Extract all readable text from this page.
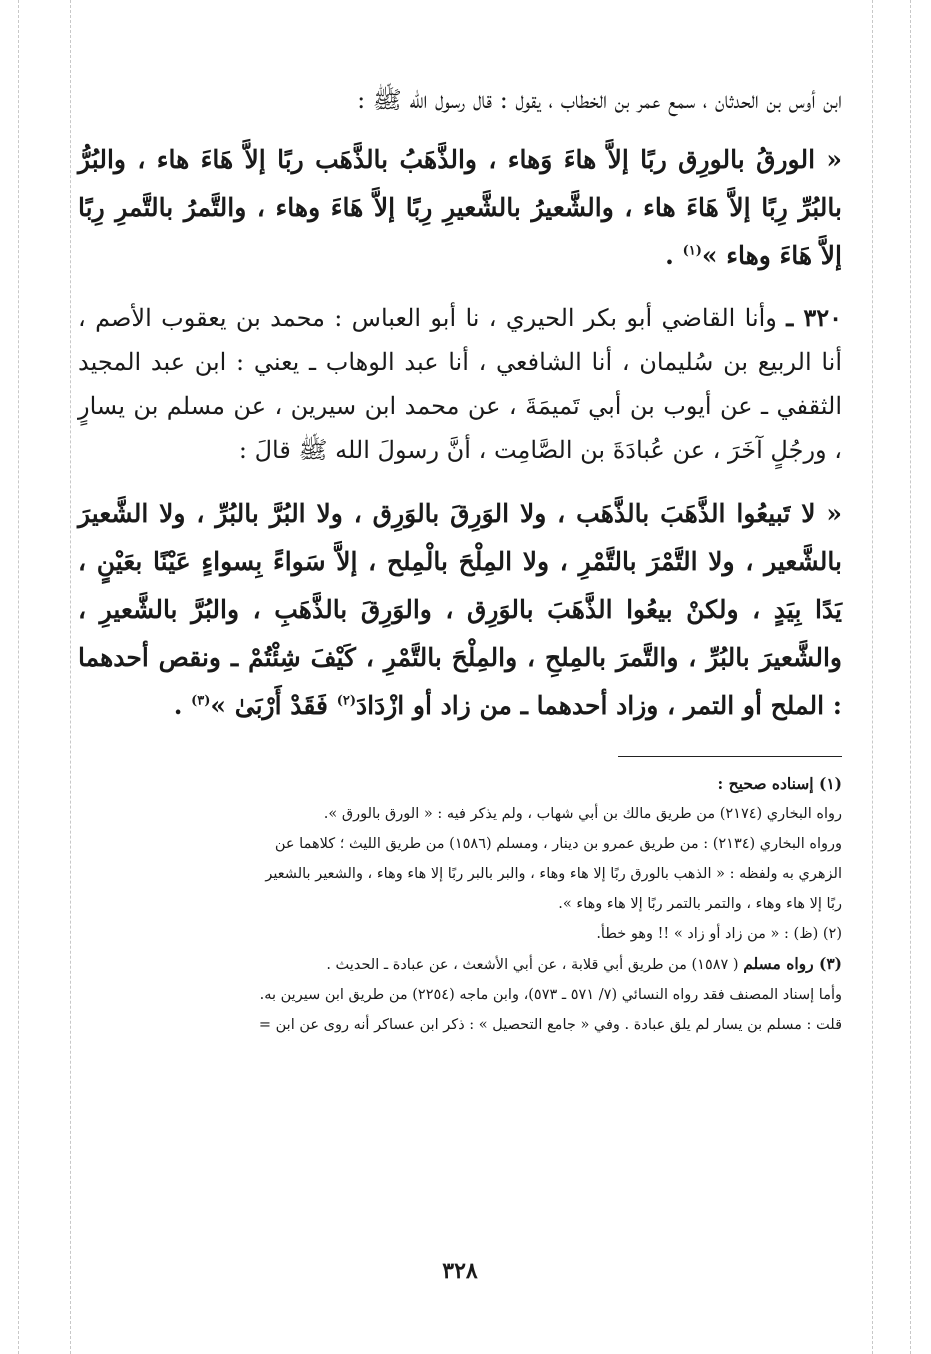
ابن أوس بن الحدثان ، سمع عمر بن الخطاب ، يقول : قال رسول الله ﷺ :

« الورقُ بالورِق ربًا إلاَّ هاءَ وَهاء ، والذَّهَبُ بالذَّهَب ربًا إلاَّ هَاءَ هاء ، والبُرُّ بالبُرِّ رِبًا إلاَّ هَاءَ هاء ، والشَّعيرُ بالشَّعيرِ رِبًا إلاَّ هَاءَ وهاء ، والتَّمرُ بالتَّمرِ رِبًا إلاَّ هَاءَ وهاء »$^{(١)}$ .

٣٢٠ ـ وأنا القاضي أبو بكر الحيري ، نا أبو العباس : محمد بن يعقوب الأصم ، أنا الربيع بن سُليمان ، أنا الشافعي ، أنا عبد الوهاب ـ يعني : ابن عبد المجيد الثقفي ـ عن أيوب بن أبي تَميمَةَ ، عن محمد ابن سيرين ، عن مسلم بن يسارٍ ، ورجُلٍ آخَرَ ، عن عُبادَةَ بن الصَّامِت ، أنَّ رسولَ الله ﷺ قالَ :

« لا تَبيعُوا الذَّهَبَ بالذَّهَب ، ولا الوَرِقَ بالوَرِق ، ولا البُرَّ بالبُرِّ ، ولا الشَّعيرَ بالشَّعير ، ولا التَّمْرَ بالتَّمْرِ ، ولا المِلْحَ بالْمِلح ، إلاَّ سَواءً بِسواءٍ عَيْنًا بعَيْنٍ ، يَدًا بِيَدٍ ، ولكنْ بيعُوا الذَّهَبَ بالوَرِق ، والوَرِقَ بالذَّهَبِ ، والبُرَّ بالشَّعيرِ ، والشَّعيرَ بالبُرِّ ، والتَّمرَ بالمِلحِ ، والمِلْحَ بالتَّمْرِ ، كَيْفَ شِئْتُمْ ـ ونقص أحدهما : الملح أو التمر ، وزاد أحدهما ـ من زاد أو ازْدَادَ$^{(٢)}$ فَقَدْ أَرْبَىٰ »$^{(٣)}$ .

(١) إسناده صحيح :
رواه البخاري (٢١٧٤) من طريق مالك بن أبي شهاب ، ولم يذكر فيه : « الورق بالورق ».
ورواه البخاري (٢١٣٤) : من طريق عمرو بن دينار ، ومسلم (١٥٨٦) من طريق الليث ؛ كلاهما عن
الزهري به ولفظه : « الذهب بالورق ربًا إلا هاء وهاء ، والبر بالبر ربًا إلا هاء وهاء ، والشعير بالشعير
ربًا إلا هاء وهاء ، والتمر بالتمر ربًا إلا هاء وهاء ».
(٢) (ظ) : « من زاد أو زاد » !! وهو خطأ.
(٣) رواه مسلم ( ١٥٨٧) من طريق أبي قلابة ، عن أبي الأشعث ، عن عبادة ـ الحديث .
وأما إسناد المصنف فقد رواه النسائي (٧/ ٥٧١ ـ ٥٧٣)، وابن ماجه (٢٢٥٤) من طريق ابن سيرين به.
قلت : مسلم بن يسار لم يلق عبادة . وفي « جامع التحصيل » : ذكر ابن عساكر أنه روى عن ابن =
٣٢٨
